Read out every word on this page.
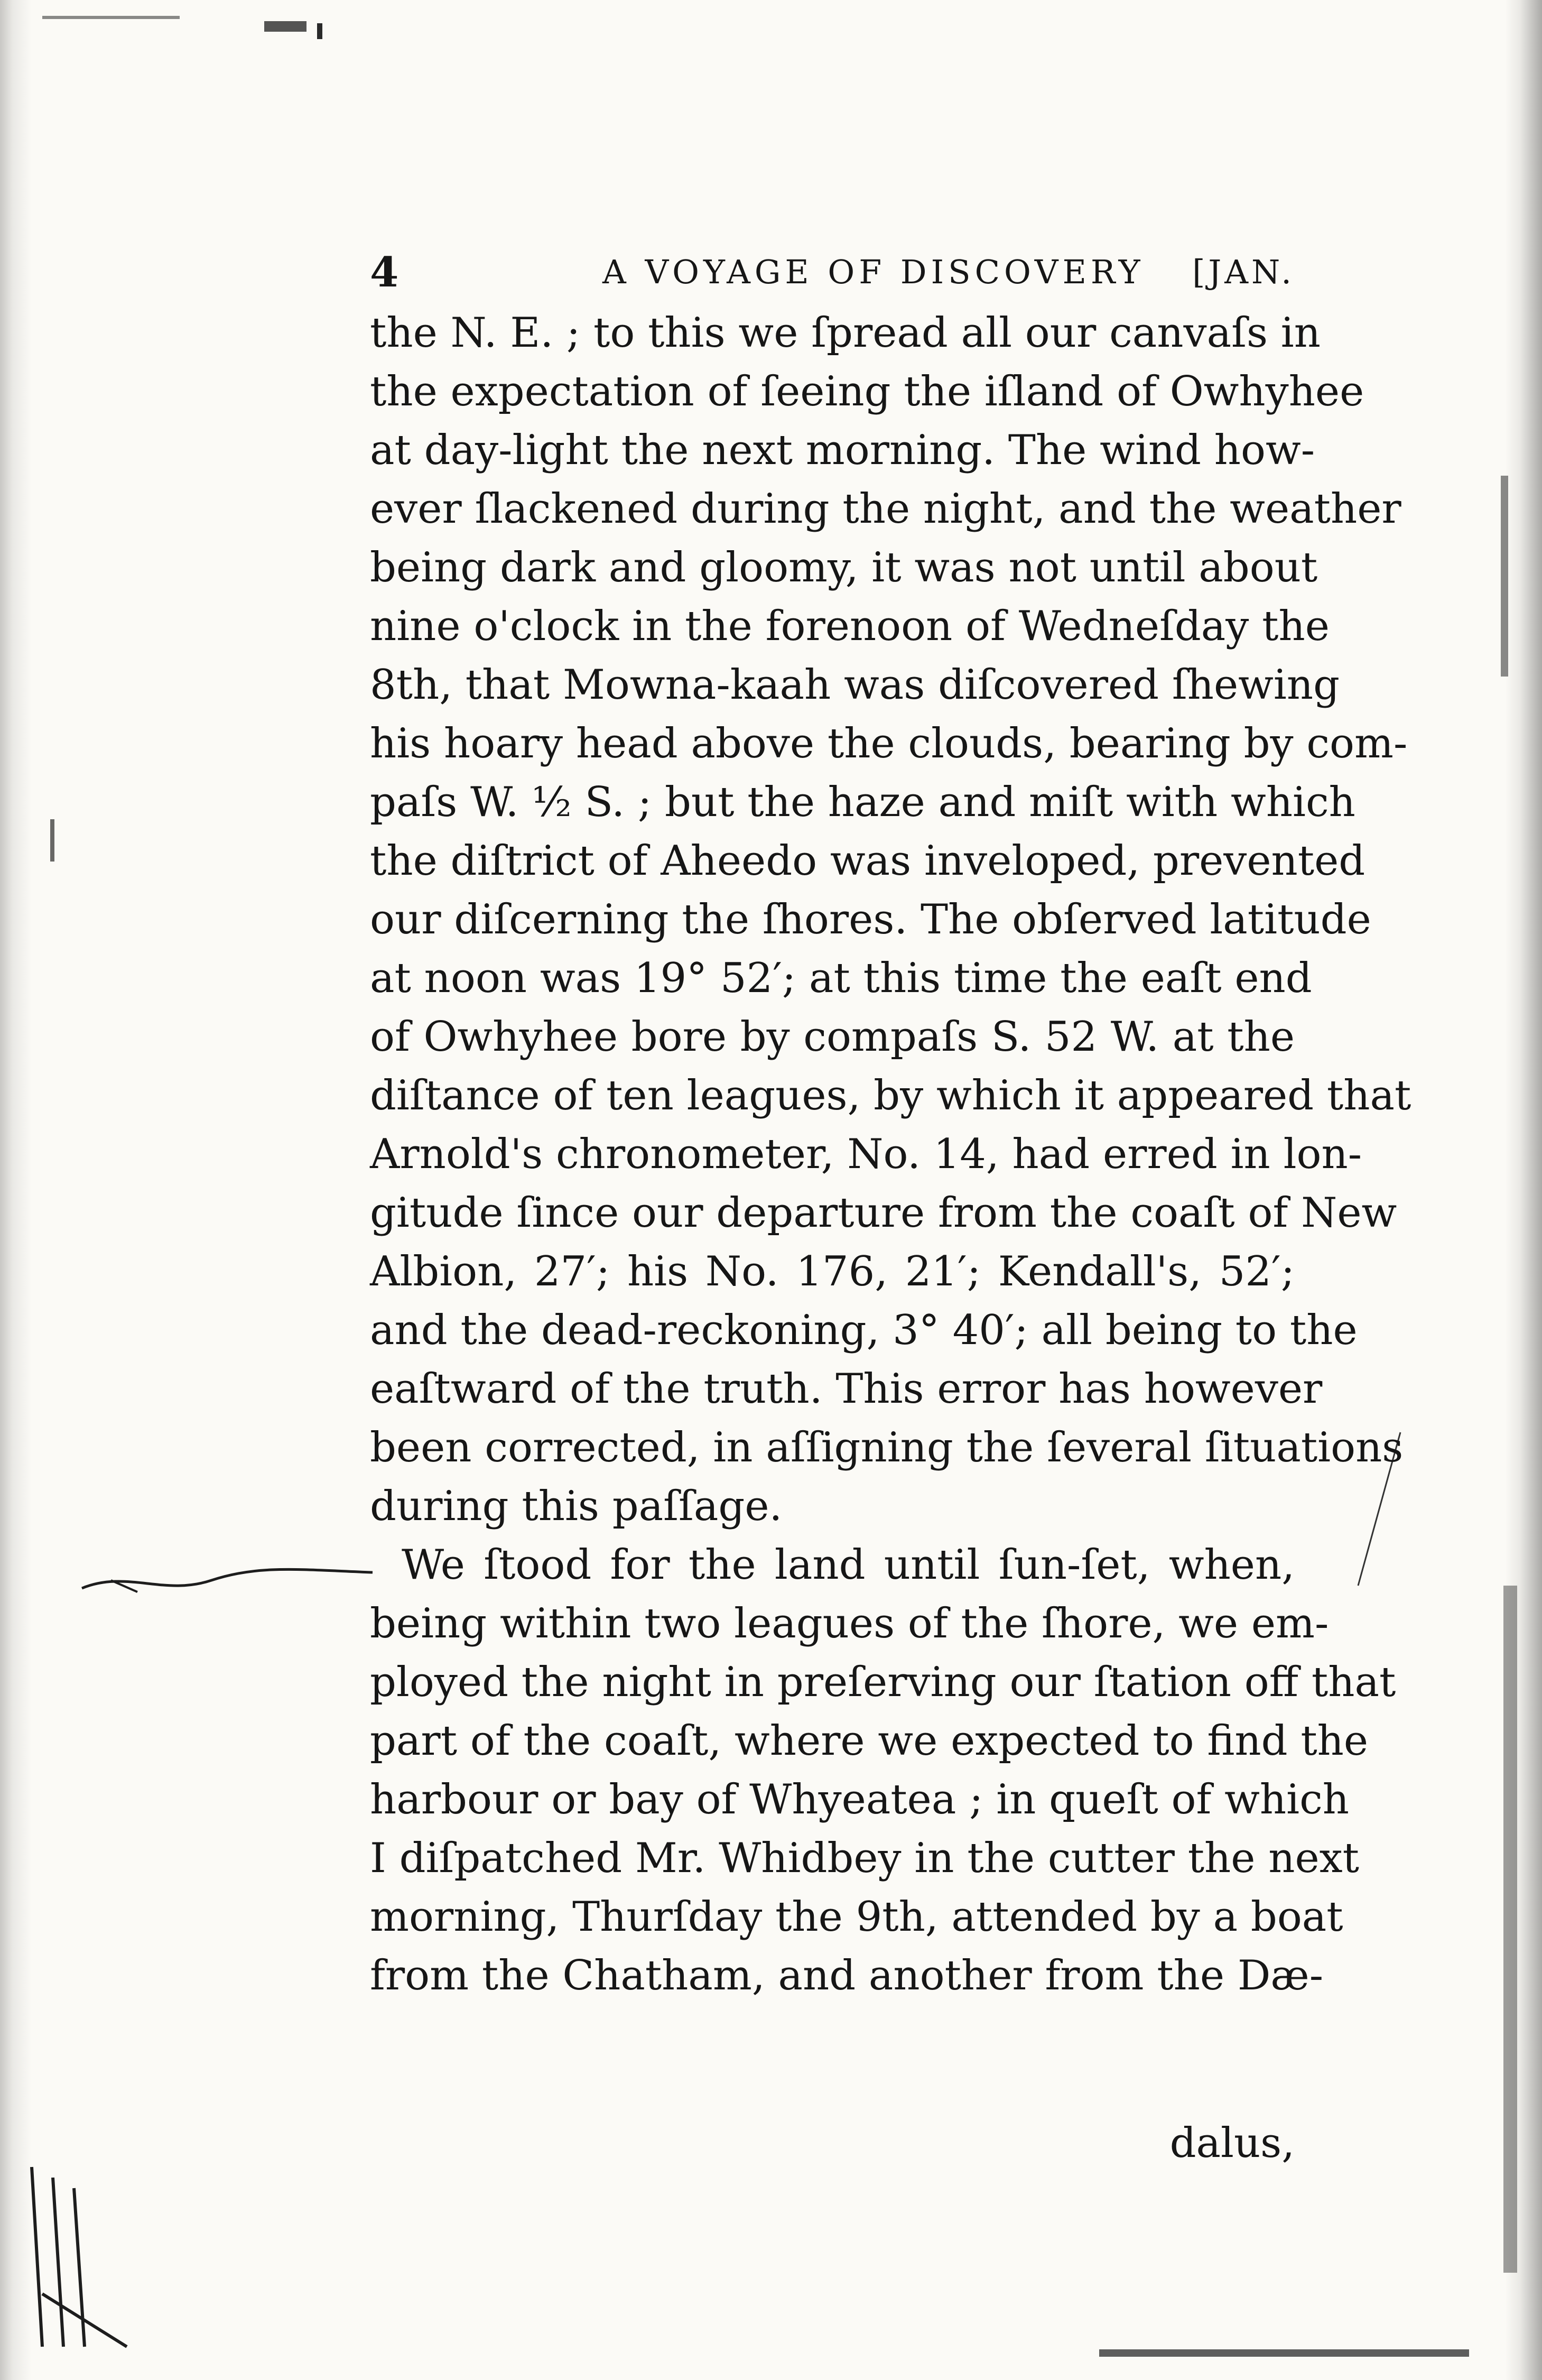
4	A VOYAGE OF DISCOVERY [JAN.
the N. E. ; to this we ſpread all our canvaſs in
the expectation of ſeeing the iſland of Owhyhee
at day-light the next morning. The wind how-
ever ſlackened during the night, and the weather
being dark and gloomy, it was not until about
nine o'clock in the forenoon of Wedneſday the
8th, that Mowna-kaah was diſcovered ſhewing
his hoary head above the clouds, bearing by com-
paſs W. ½ S. ; but the haze and miſt with which
the diſtrict of Aheedo was inveloped, prevented
our diſcerning the ſhores. The obſerved latitude
at noon was 19° 52′; at this time the eaſt end
of Owhyhee bore by compaſs S. 52 W. at the
diſtance of ten leagues, by which it appeared that
Arnold's chronometer, No. 14, had erred in lon-
gitude ſince our departure from the coaſt of New
Albion, 27′; his No. 176, 21′; Kendall's, 52′;
and the dead-reckoning, 3° 40′; all being to the
eaſtward of the truth. This error has however
been corrected, in aſſigning the ſeveral ſituations
during this paſſage.
We ſtood for the land until ſun-ſet, when,
being within two leagues of the ſhore, we em-
ployed the night in preſerving our ſtation off that
part of the coaſt, where we expected to find the
harbour or bay of Whyeatea ; in queſt of which
I diſpatched Mr. Whidbey in the cutter the next
morning, Thurſday the 9th, attended by a boat
from the Chatham, and another from the Dæ-
dalus,
